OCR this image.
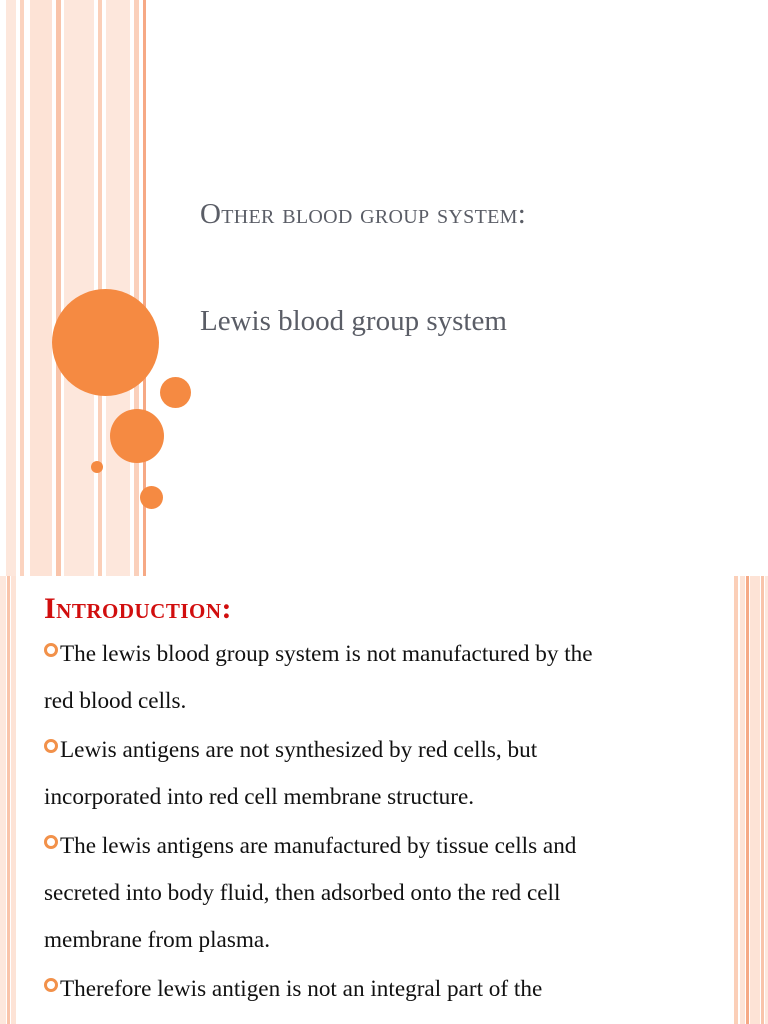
Other blood group system:
Lewis blood group system
Introduction:
The lewis blood group system is not manufactured by the
red blood cells.
Lewis antigens are not synthesized by red cells, but
incorporated into red cell membrane structure.
The lewis antigens are manufactured by tissue cells and
secreted into body fluid, then adsorbed onto the red cell
membrane from plasma.
Therefore lewis antigen is not an integral part of the
